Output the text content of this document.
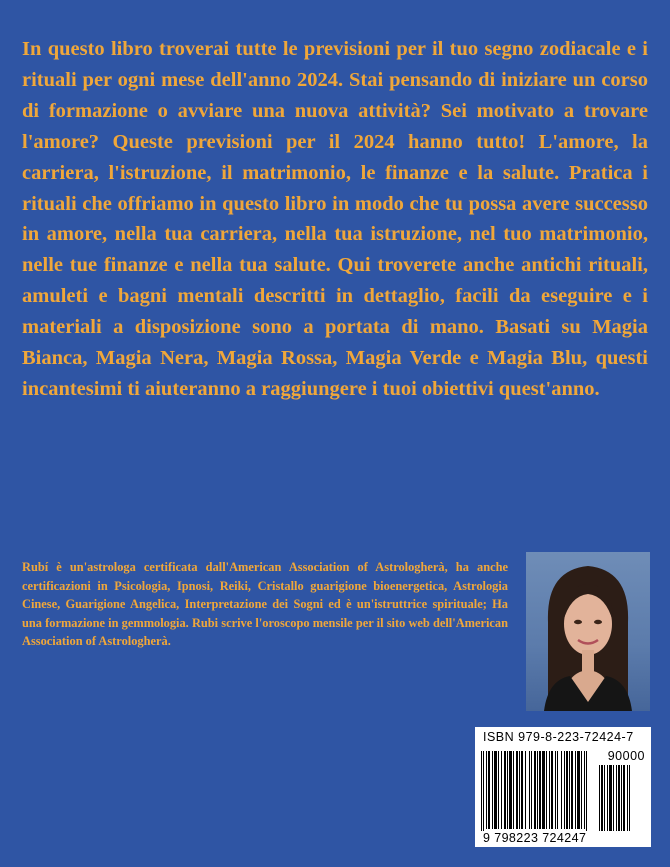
In questo libro troverai tutte le previsioni per il tuo segno zodiacale e i rituali per ogni mese dell'anno 2024. Stai pensando di iniziare un corso di formazione o avviare una nuova attività? Sei motivato a trovare l'amore? Queste previsioni per il 2024 hanno tutto! L'amore, la carriera, l'istruzione, il matrimonio, le finanze e la salute. Pratica i rituali che offriamo in questo libro in modo che tu possa avere successo in amore, nella tua carriera, nella tua istruzione, nel tuo matrimonio, nelle tue finanze e nella tua salute. Qui troverete anche antichi rituali, amuleti e bagni mentali descritti in dettaglio, facili da eseguire e i materiali a disposizione sono a portata di mano. Basati su Magia Bianca, Magia Nera, Magia Rossa, Magia Verde e Magia Blu, questi incantesimi ti aiuteranno a raggiungere i tuoi obiettivi quest'anno.

Rubí è un'astrologa certificata dall'American Association of Astrologherà, ha anche certificazioni in Psicologia, Ipnosi, Reiki, Cristallo guarigione bioenergetica, Astrologia Cinese, Guarigione Angelica, Interpretazione dei Sogni ed è un'istruttrice spirituale; Ha una formazione in gemmologia. Rubi scrive l'oroscopo mensile per il sito web dell'American Association of Astrologherà.

ISBN 979-8-223-72424-7
90000
9 798223 724247
